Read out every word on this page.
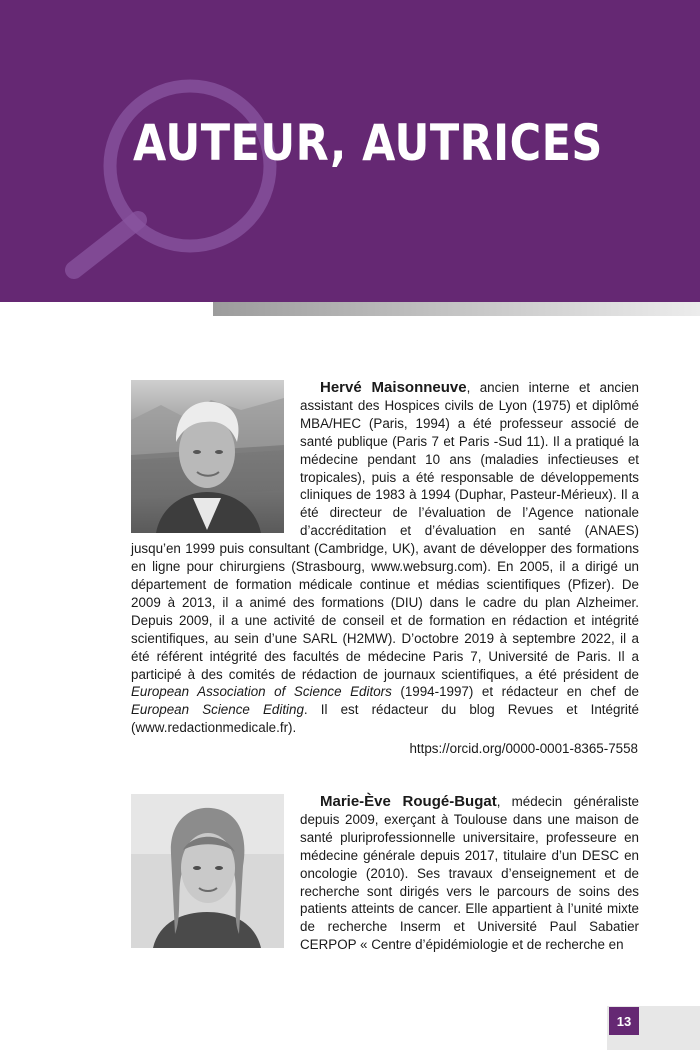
AUTEUR, AUTRICES

Hervé Maisonneuve, ancien interne et ancien assistant des Hospices civils de Lyon (1975) et diplômé MBA/HEC (Paris, 1994) a été professeur associé de santé publique (Paris 7 et Paris -Sud 11). Il a pratiqué la médecine pendant 10 ans (maladies infectieuses et tropicales), puis a été responsable de développements cliniques de 1983 à 1994 (Duphar, Pasteur-Mérieux). Il a été directeur de l’évaluation de l’Agence nationale d’accréditation et d’évaluation en santé (ANAES) jusqu’en 1999 puis consultant (Cambridge, UK), avant de développer des formations en ligne pour chirurgiens (Strasbourg, www.websurg.com). En 2005, il a dirigé un département de formation médicale continue et médias scientifiques (Pfizer). De 2009 à 2013, il a animé des formations (DIU) dans le cadre du plan Alzheimer. Depuis 2009, il a une activité de conseil et de formation en rédaction et intégrité scientifiques, au sein d’une SARL (H2MW). D’octobre 2019 à septembre 2022, il a été référent intégrité des facultés de médecine Paris 7, Université de Paris. Il a participé à des comités de rédaction de journaux scientifiques, a été président de European Association of Science Editors (1994-1997) et rédacteur en chef de European Science Editing. Il est rédacteur du blog Revues et Intégrité (www.redactionmedicale.fr).

https://orcid.org/0000-0001-8365-7558

Marie-Ève Rougé-Bugat, médecin généraliste depuis 2009, exerçant à Toulouse dans une maison de santé pluriprofessionnelle universitaire, professeure en médecine générale depuis 2017, titulaire d’un DESC en oncologie (2010). Ses travaux d’enseignement et de recherche sont dirigés vers le parcours de soins des patients atteints de cancer. Elle appartient à l’unité mixte de recherche Inserm et Université Paul Sabatier CERPOP « Centre d’épidémiologie et de recherche en

13
